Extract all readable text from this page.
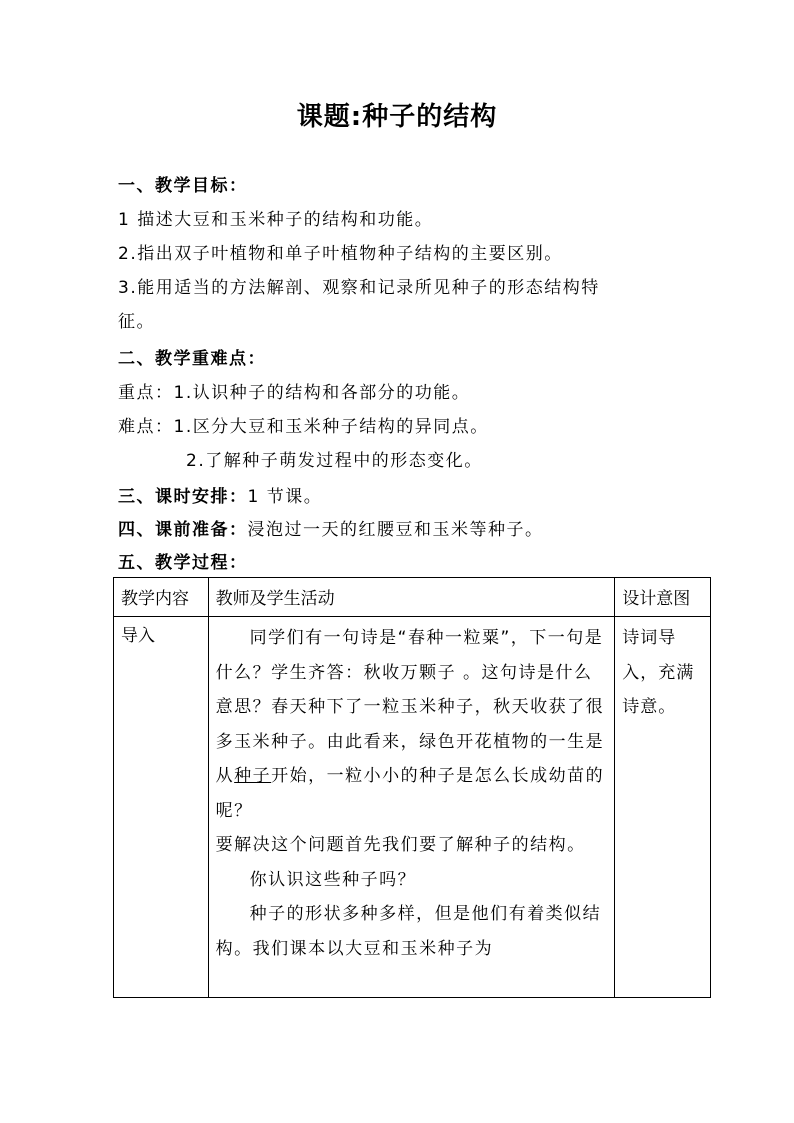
课题:种子的结构
一、教学目标：
1 描述大豆和玉米种子的结构和功能。
2.指出双子叶植物和单子叶植物种子结构的主要区别。
3.能用适当的方法解剖、观察和记录所见种子的形态结构特
征。
二、教学重难点：
重点：1.认识种子的结构和各部分的功能。
难点：1.区分大豆和玉米种子结构的异同点。
2.了解种子萌发过程中的形态变化。
三、课时安排：1 节课。
四、课前准备：浸泡过一天的红腰豆和玉米等种子。
五、教学过程：
教学内容	教师及学生活动	设计意图

导入	同学们有一句诗是“春种一粒粟”，下一句是什么？学生齐答：秋收万颗子 。这句诗是什么意思？春天种下了一粒玉米种子，秋天收获了很多玉米种子。由此看来，绿色开花植物的一生是从种子开始，一粒小小的种子是怎么长成幼苗的呢？
要解决这个问题首先我们要了解种子的结构。
你认识这些种子吗？
种子的形状多种多样，但是他们有着类似结构。我们课本以大豆和玉米种子为	诗词导入，充满诗意。
